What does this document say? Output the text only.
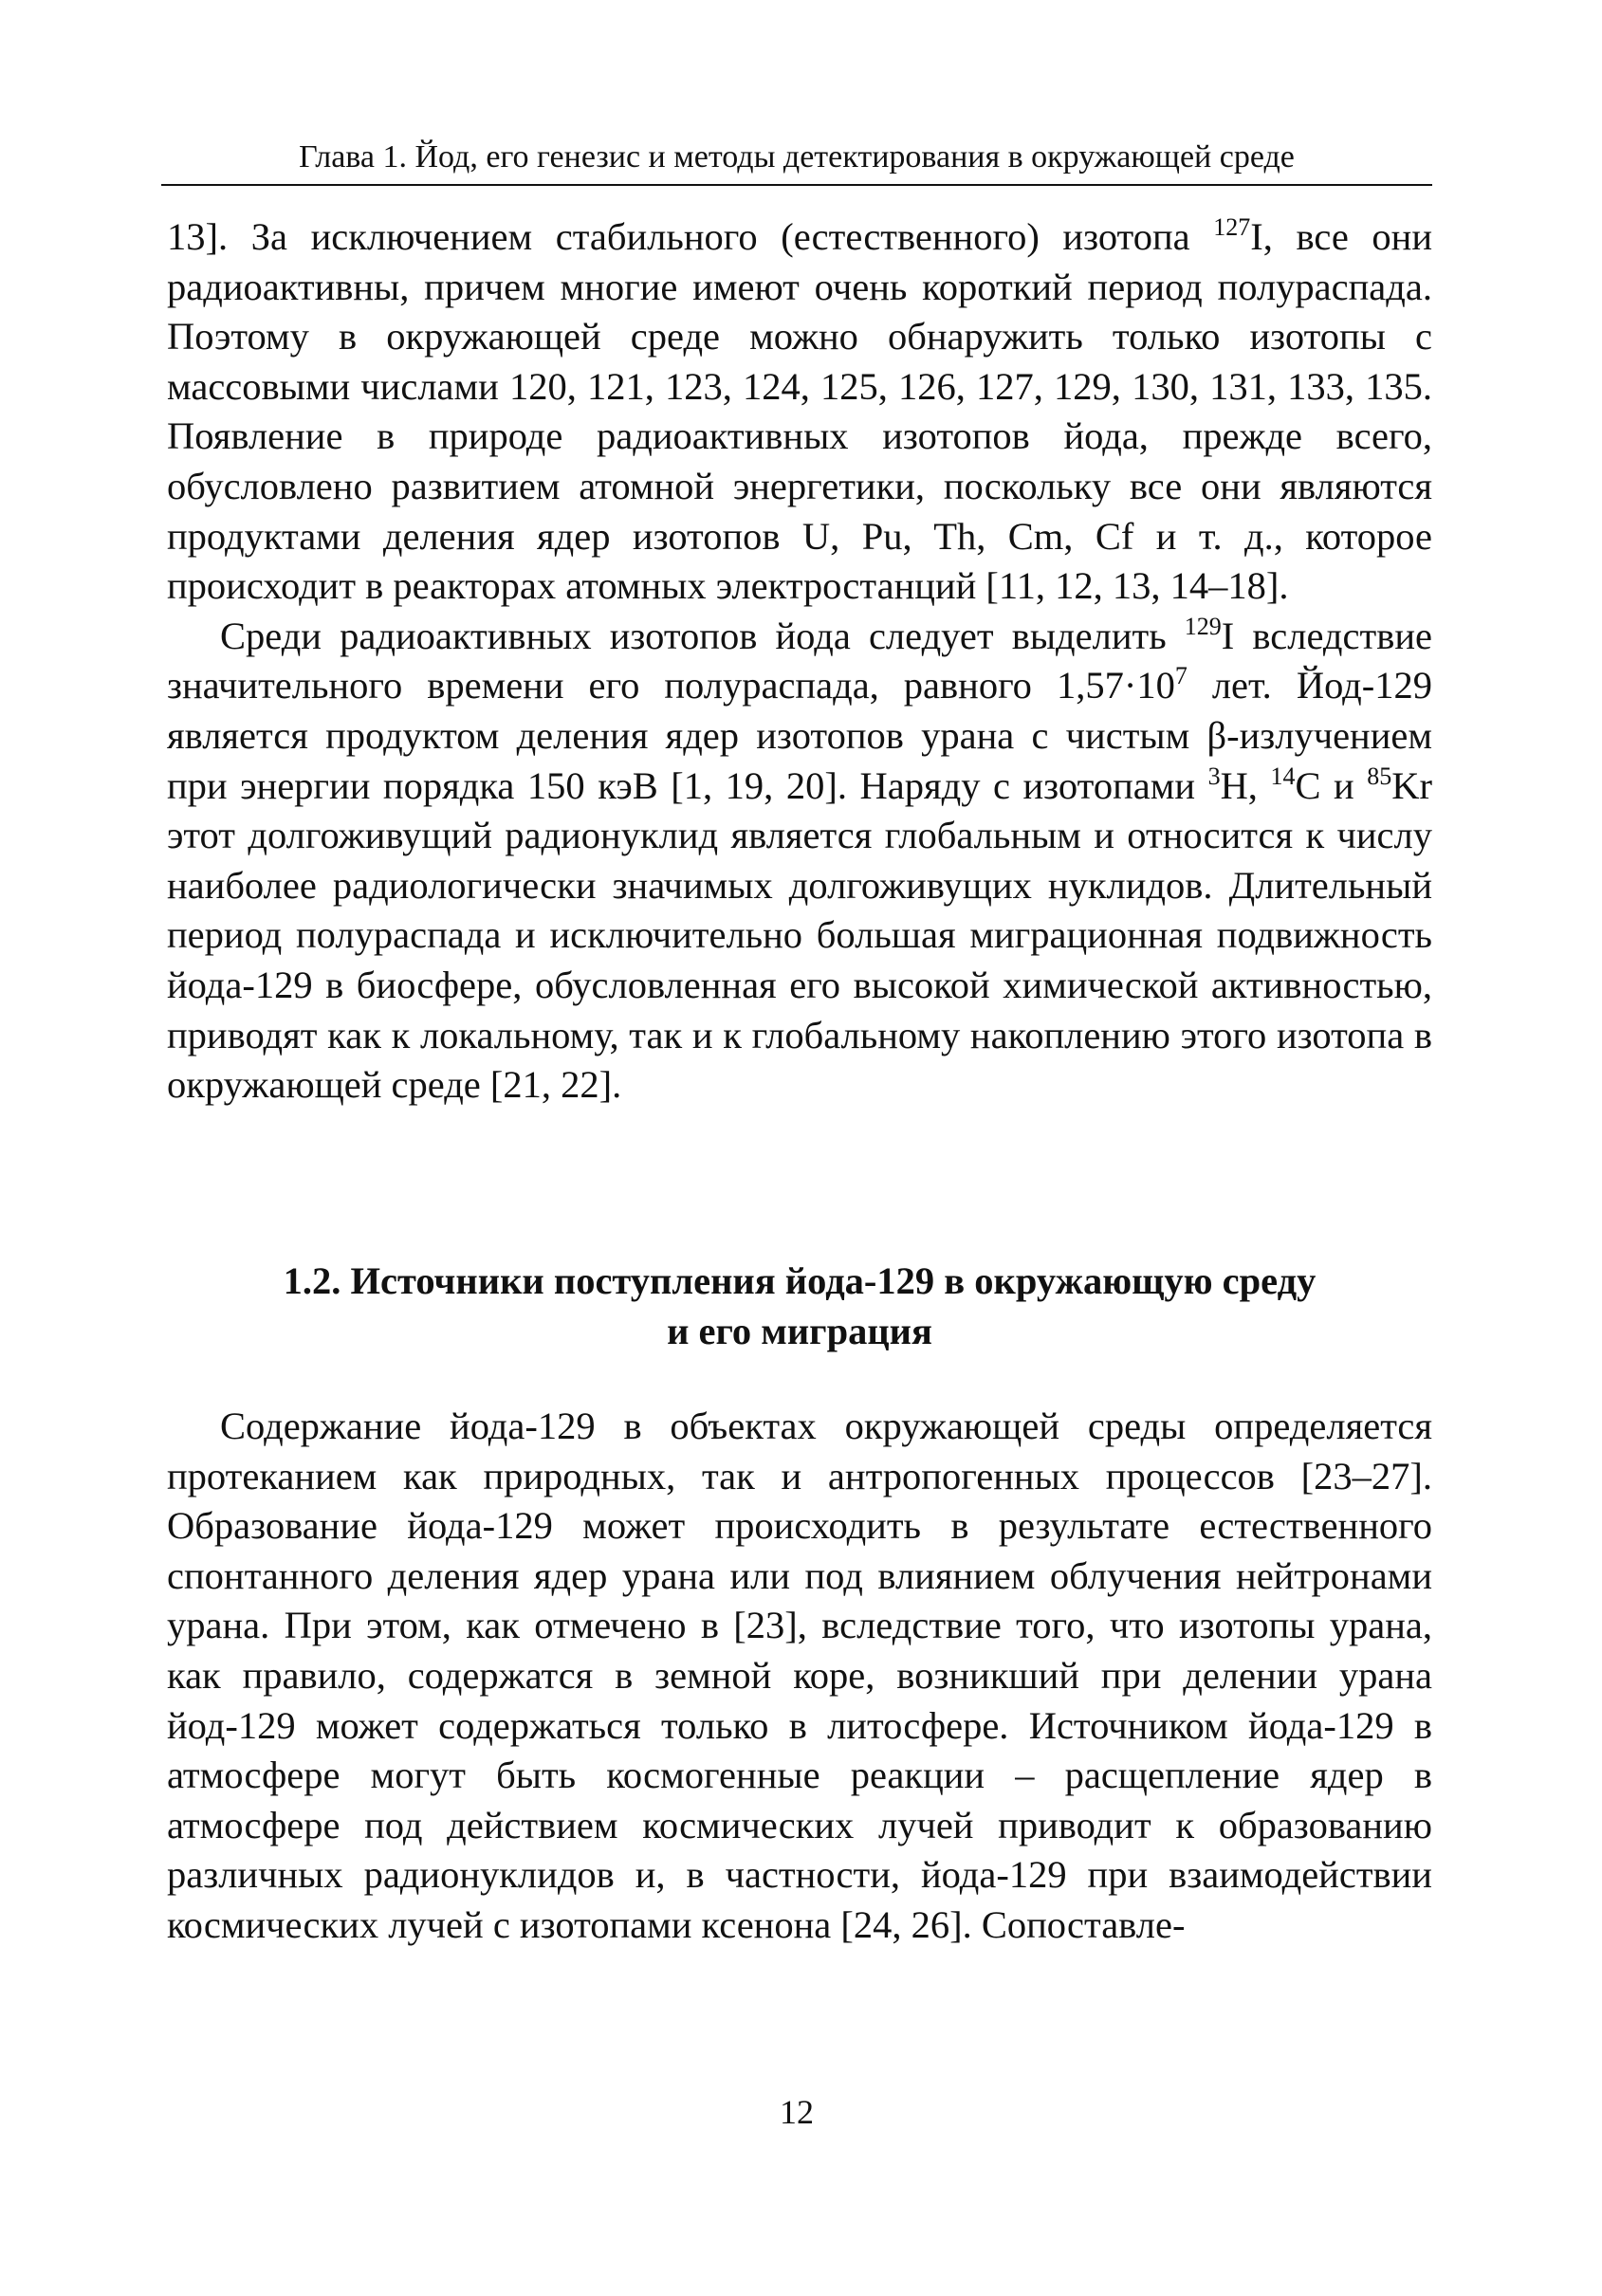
Глава 1. Йод, его генезис и методы детектирования в окружающей среде

13]. За исключением стабильного (естественного) изотопа $^{127}$I, все они радиоактивны, причем многие имеют очень короткий период полураспада. Поэтому в окружающей среде можно обнаружить только изотопы с массовыми числами 120, 121, 123, 124, 125, 126, 127, 129, 130, 131, 133, 135. Появление в природе радиоактивных изотопов йода, прежде всего, обусловлено развитием атомной энергетики, поскольку все они являются продуктами деления ядер изотопов U, Pu, Th, Cm, Cf и т. д., которое происходит в реакторах атомных электростанций [11, 12, 13, 14–18].

Среди радиоактивных изотопов йода следует выделить $^{129}$I вследствие значительного времени его полураспада, равного $1,57\cdot 10^7$ лет. Йод-129 является продуктом деления ядер изотопов урана с чистым β-излучением при энергии порядка 150 кэВ [1, 19, 20]. Наряду с изотопами $^3$H, $^{14}$C и $^{85}$Kr этот долгоживущий радионуклид является глобальным и относится к числу наиболее радиологически значимых долгоживущих нуклидов. Длительный период полураспада и исключительно большая миграционная подвижность йода-129 в биосфере, обусловленная его высокой химической активностью, приводят как к локальному, так и к глобальному накоплению этого изотопа в окружающей среде [21, 22].

1.2. Источники поступления йода-129 в окружающую среду
и его миграция

Содержание йода-129 в объектах окружающей среды определяется протеканием как природных, так и антропогенных процессов [23–27]. Образование йода-129 может происходить в результате естественного спонтанного деления ядер урана или под влиянием облучения нейтронами урана. При этом, как отмечено в [23], вследствие того, что изотопы урана, как правило, содержатся в земной коре, возникший при делении урана йод-129 может содержаться только в литосфере. Источником йода-129 в атмосфере могут быть космогенные реакции – расщепление ядер в атмосфере под действием космических лучей приводит к образованию различных радионуклидов и, в частности, йода-129 при взаимодействии космических лучей с изотопами ксенона [24, 26]. Сопоставле-

12
